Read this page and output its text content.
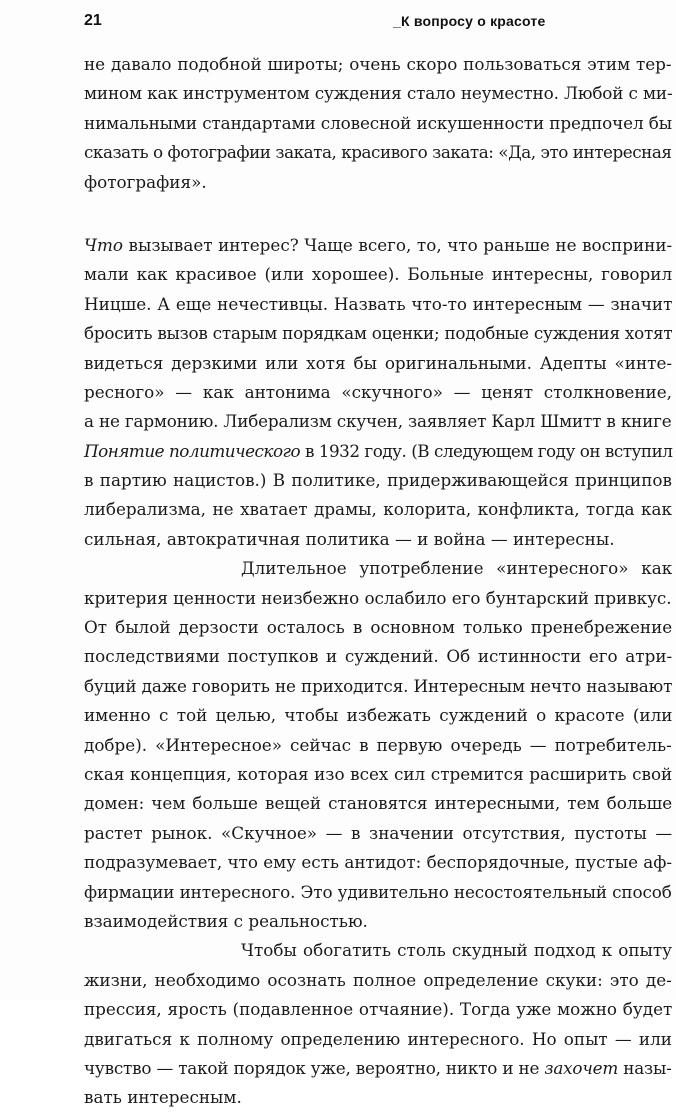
21	_К вопросу о красоте
не давало подобной широты; очень скоро пользоваться этим тер-
мином как инструментом суждения стало неуместно. Любой с ми-
нимальными стандартами словесной искушенности предпочел бы
сказать о фотографии заката, красивого заката: «Да, это интересная
фотография».
Что вызывает интерес? Чаще всего, то, что раньше не восприни-
мали как красивое (или хорошее). Больные интересны, говорил
Ницше. А еще нечестивцы. Назвать что-то интересным — значит
бросить вызов старым порядкам оценки; подобные суждения хотят
видеться дерзкими или хотя бы оригинальными. Адепты «инте-
ресного» — как антонима «скучного» — ценят столкновение,
а не гармонию. Либерализм скучен, заявляет Карл Шмитт в книге
Понятие политического в 1932 году. (В следующем году он вступил
в партию нацистов.) В политике, придерживающейся принципов
либерализма, не хватает драмы, колорита, конфликта, тогда как
сильная, автократичная политика — и война — интересны.
Длительное употребление «интересного» как
критерия ценности неизбежно ослабило его бунтарский привкус.
От былой дерзости осталось в основном только пренебрежение
последствиями поступков и суждений. Об истинности его атри-
буций даже говорить не приходится. Интересным нечто называют
именно с той целью, чтобы избежать суждений о красоте (или
добре). «Интересное» сейчас в первую очередь — потребитель-
ская концепция, которая изо всех сил стремится расширить свой
домен: чем больше вещей становятся интересными, тем больше
растет рынок. «Скучное» — в значении отсутствия, пустоты —
подразумевает, что ему есть антидот: беспорядочные, пустые аф-
фирмации интересного. Это удивительно несостоятельный способ
взаимодействия с реальностью.
Чтобы обогатить столь скудный подход к опыту
жизни, необходимо осознать полное определение скуки: это де-
прессия, ярость (подавленное отчаяние). Тогда уже можно будет
двигаться к полному определению интересного. Но опыт — или
чувство — такой порядок уже, вероятно, никто и не захочет назы-
вать интересным.
